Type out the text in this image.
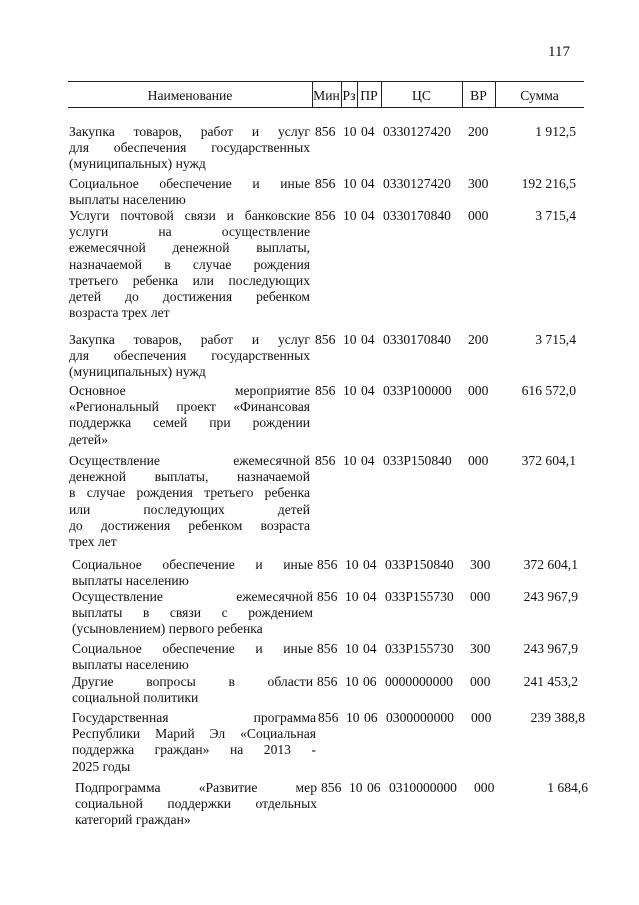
117
Наименование	Мин Рз ПР	ЦС	ВР	Сумма
Закупка товаров, работ и услуг
для обеспечения государственных
(муниципальных) нужд
856 10 04 0330127420 200	1 912,5
Социальное обеспечение и иные
выплаты населению
856 10 04 0330127420 300	192 216,5
Услуги почтовой связи и банковские
услуги на осуществление
ежемесячной денежной выплаты,
назначаемой в случае рождения
третьего ребенка или последующих
детей до достижения ребенком
возраста трех лет
856 10 04 0330170840 000	3 715,4
Закупка товаров, работ и услуг
для обеспечения государственных
(муниципальных) нужд
856 10 04 0330170840 200	3 715,4
Основное мероприятие
«Региональный проект «Финансовая
поддержка семей при рождении
детей»
856 10 04 033P100000 000	616 572,0
Осуществление ежемесячной
денежной выплаты, назначаемой
в случае рождения третьего ребенка
или последующих детей
до достижения ребенком возраста
трех лет
856 10 04 033P150840 000	372 604,1
Социальное обеспечение и иные
выплаты населению
856 10 04 033P150840 300	372 604,1
Осуществление ежемесячной
выплаты в связи с рождением
(усыновлением) первого ребенка
856 10 04 033P155730 000	243 967,9
Социальное обеспечение и иные
выплаты населению
856 10 04 033P155730 300	243 967,9
Другие вопросы в области
социальной политики
856 10 06 0000000000 000	241 453,2
Государственная программа
Республики Марий Эл «Социальная
поддержка граждан» на 2013 -
2025 годы
856 10 06 0300000000 000	239 388,8
Подпрограмма «Развитие мер
социальной поддержки отдельных
категорий граждан»
856 10 06 0310000000 000	1 684,6
